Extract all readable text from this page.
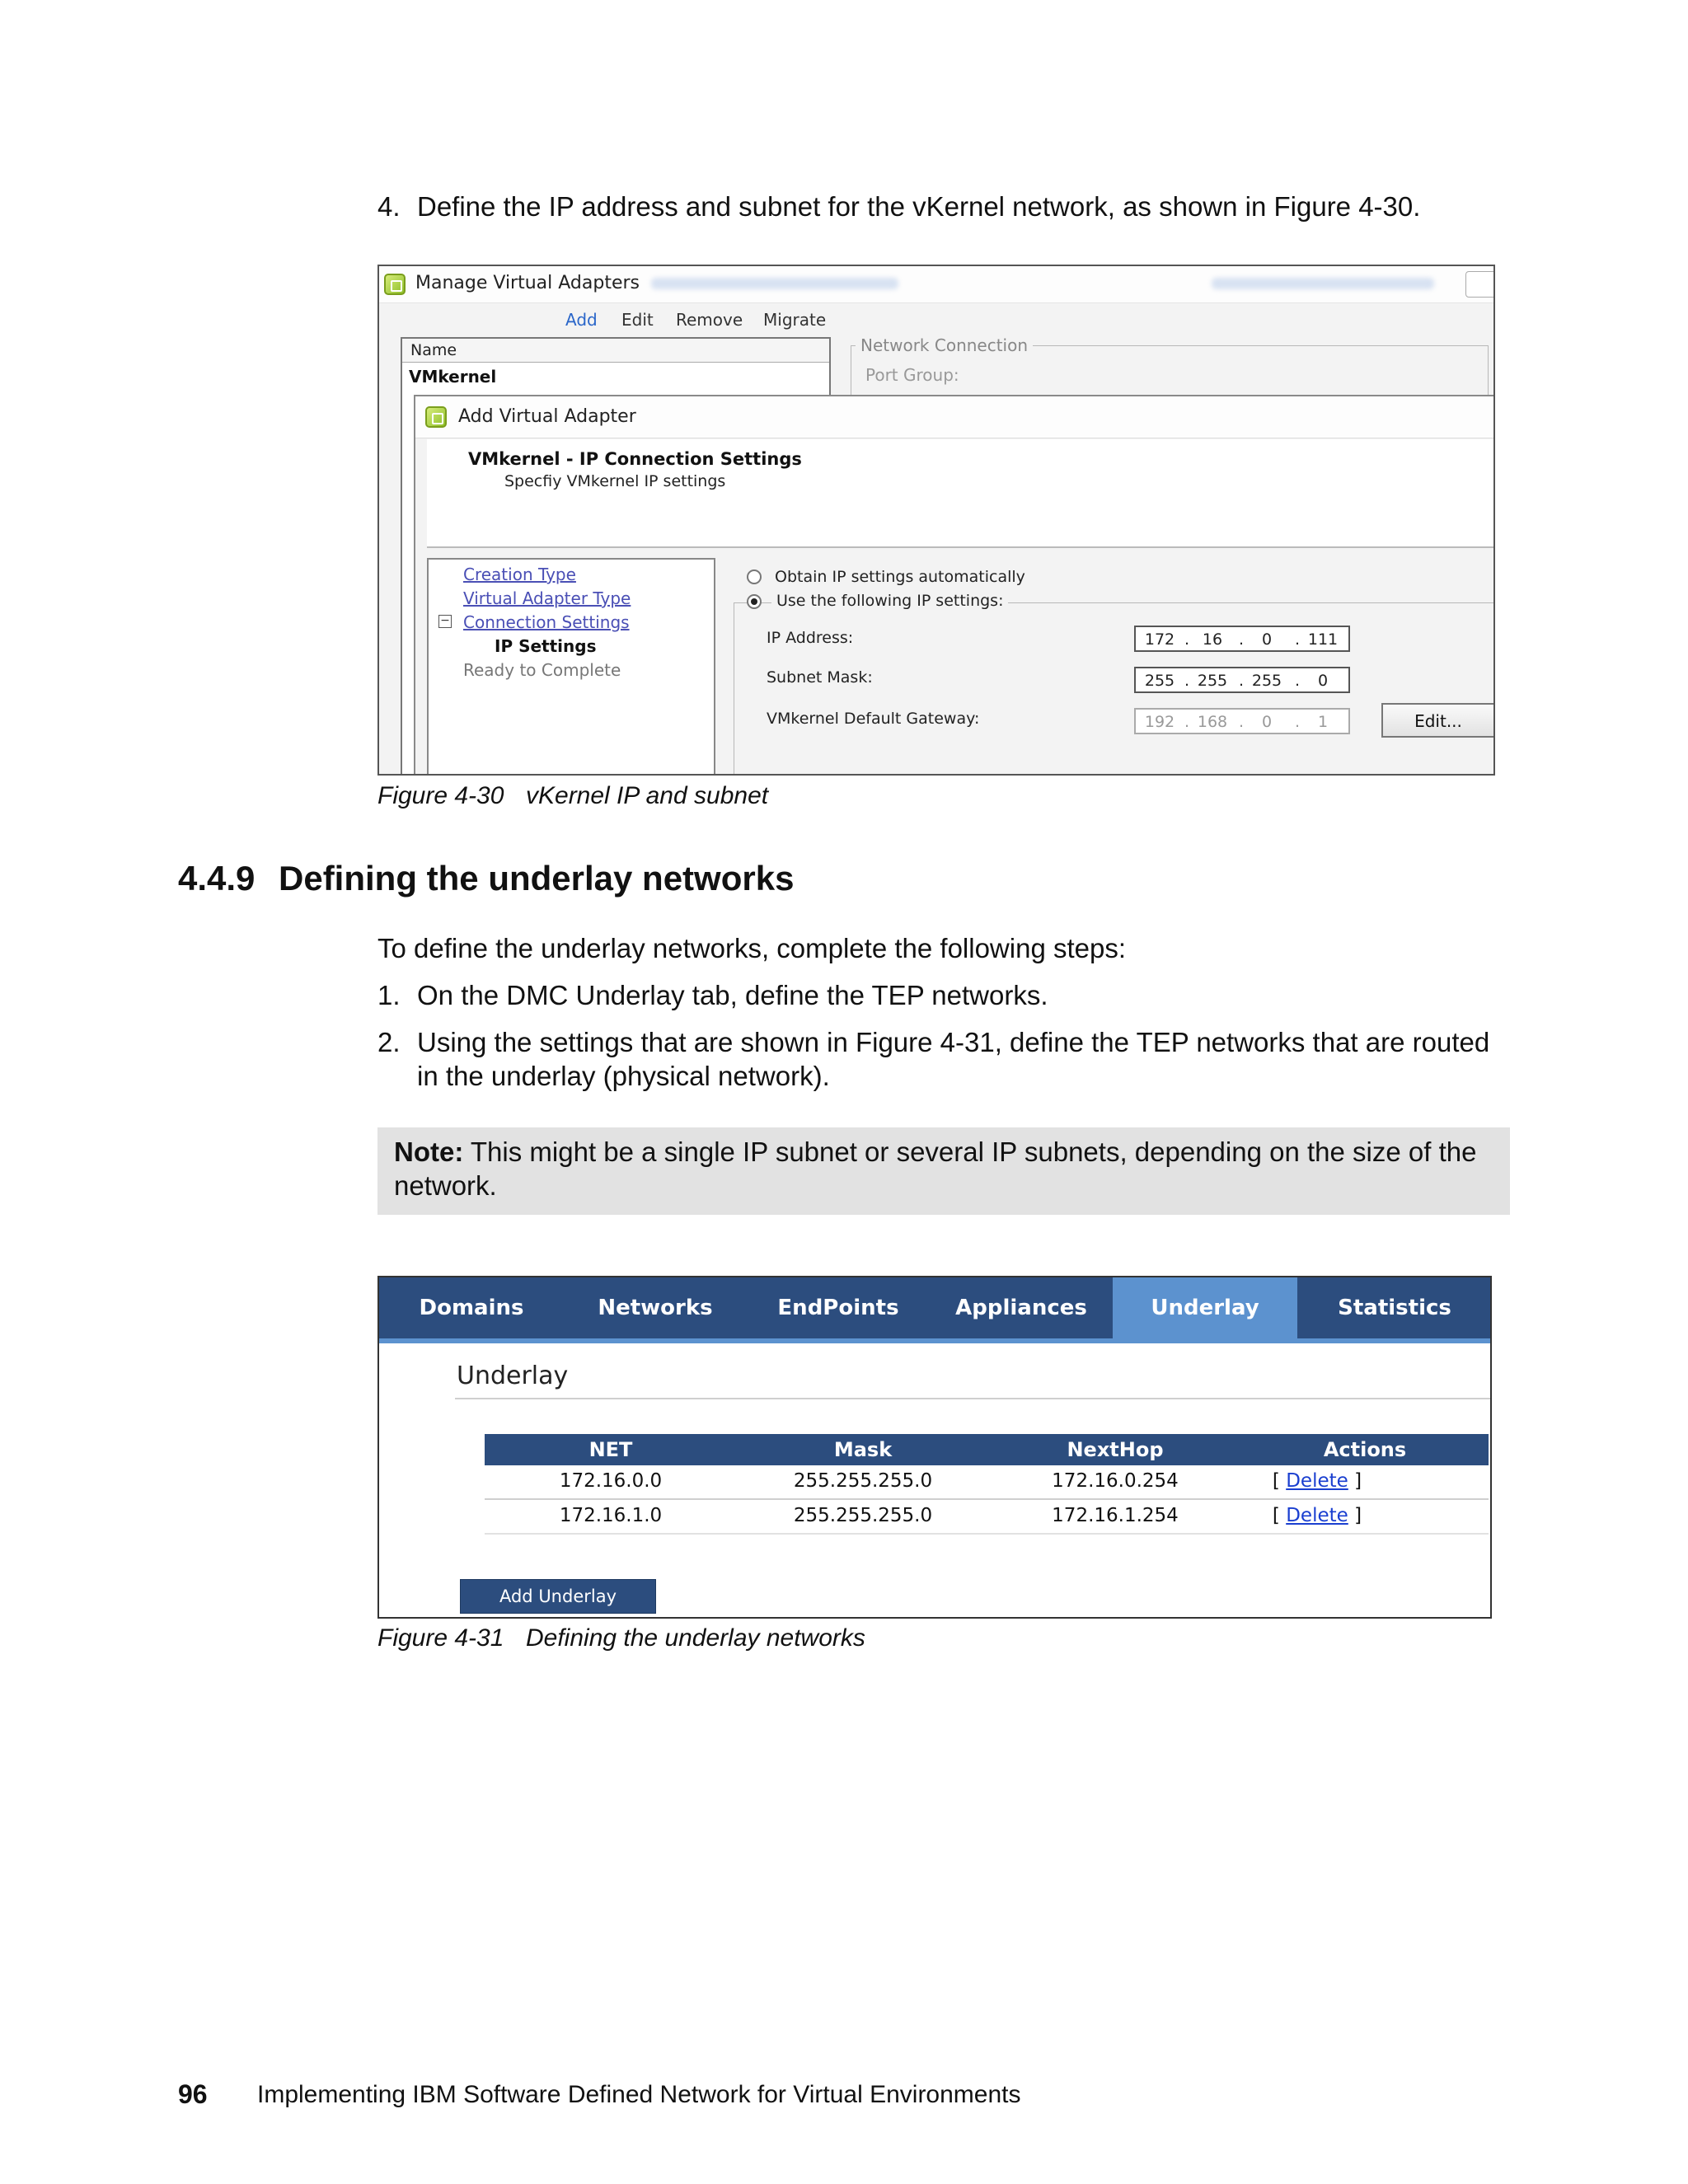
4. Define the IP address and subnet for the vKernel network, as shown in Figure 4-30.
Manage Virtual Adapters
Add Edit Remove Migrate
Name
VMkernel
Network Connection
Port Group:
Add Virtual Adapter
VMkernel - IP Connection Settings
Specfiy VMkernel IP settings
Creation Type
Virtual Adapter Type
− Connection Settings
IP Settings
Ready to Complete
Obtain IP settings automatically
Use the following IP settings:
IP Address:	172 . 16	.	0	. 111
Subnet Mask:	255 . 255 . 255 .	0
VMkernel Default Gateway:	192 . 168 .	0	.	1	Edit...
Figure 4-30 vKernel IP and subnet
4.4.9 Defining the underlay networks
To define the underlay networks, complete the following steps:
1. On the DMC Underlay tab, define the TEP networks.
2. Using the settings that are shown in Figure 4-31, define the TEP networks that are routed
in the underlay (physical network).
Note: This might be a single IP subnet or several IP subnets, depending on the size of the
network.
Domains	Networks	EndPoints	Appliances	Underlay	Statistics
Underlay
NET	Mask	NextHop	Actions
172.16.0.0	255.255.255.0	172.16.0.254	[ Delete ]
172.16.1.0	255.255.255.0	172.16.1.254	[ Delete ]
Add Underlay
Figure 4-31 Defining the underlay networks
96 Implementing IBM Software Defined Network for Virtual Environments
